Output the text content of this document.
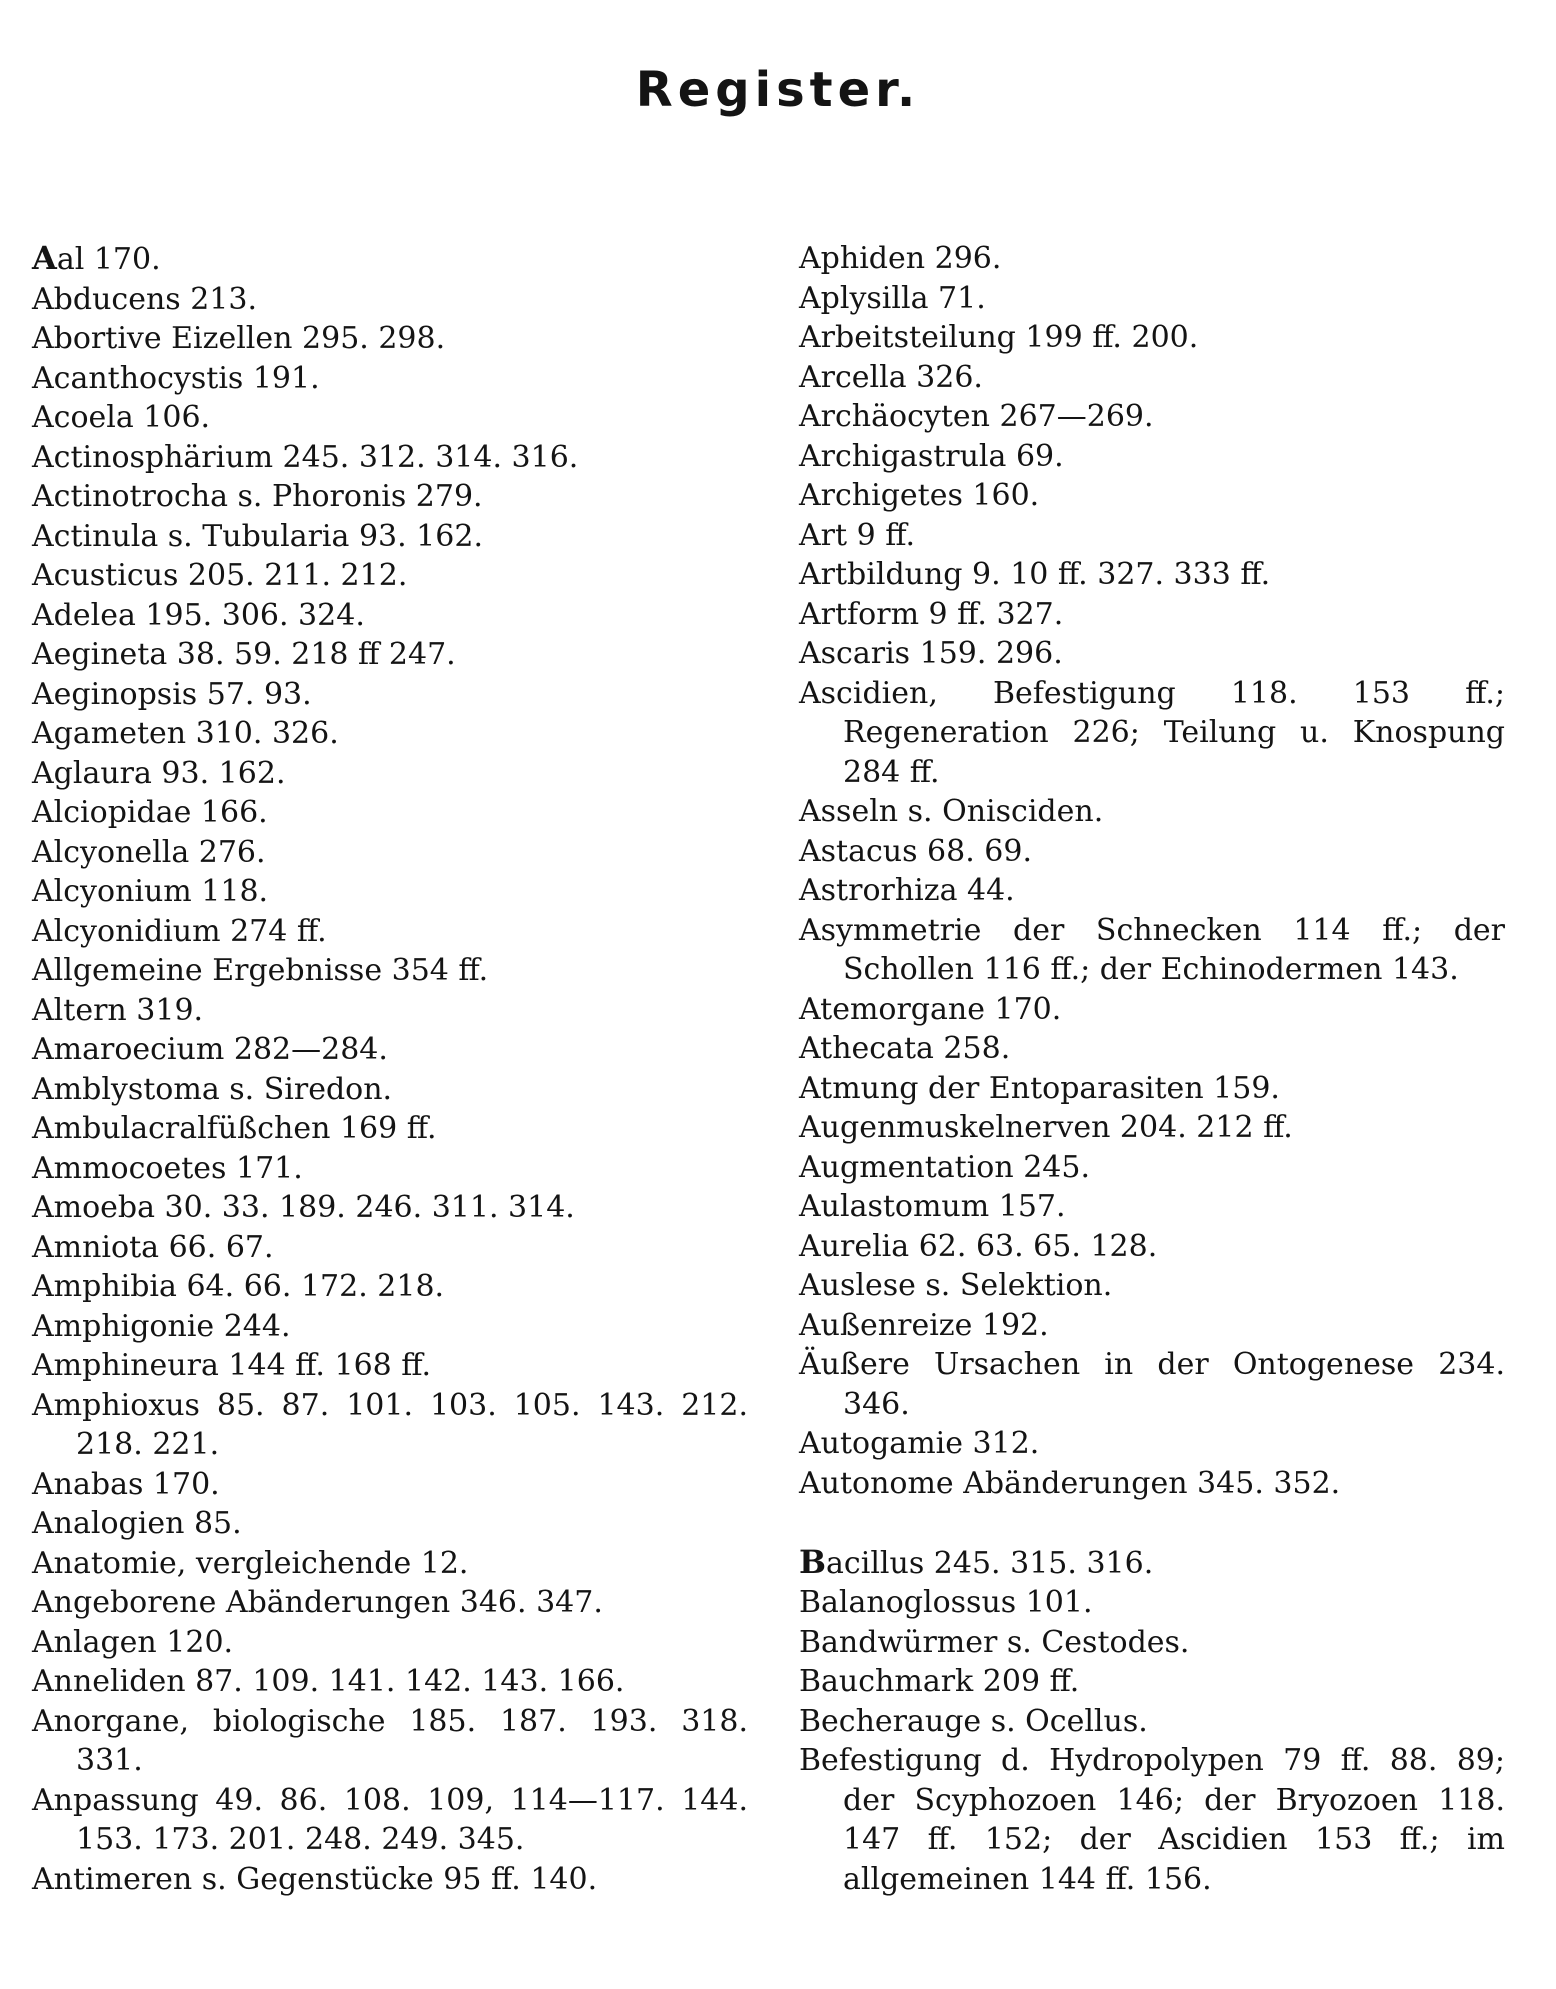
Register.
Aal 170.
Abducens 213.
Abortive Eizellen 295. 298.
Acanthocystis 191.
Acoela 106.
Actinosphärium 245. 312. 314. 316.
Actinotrocha s. Phoronis 279.
Actinula s. Tubularia 93. 162.
Acusticus 205. 211. 212.
Adelea 195. 306. 324.
Aegineta 38. 59. 218 ff 247.
Aeginopsis 57. 93.
Agameten 310. 326.
Aglaura 93. 162.
Alciopidae 166.
Alcyonella 276.
Alcyonium 118.
Alcyonidium 274 ff.
Allgemeine Ergebnisse 354 ff.
Altern 319.
Amaroecium 282—284.
Amblystoma s. Siredon.
Ambulacralfüßchen 169 ff.
Ammocoetes 171.
Amoeba 30. 33. 189. 246. 311. 314.
Amniota 66. 67.
Amphibia 64. 66. 172. 218.
Amphigonie 244.
Amphineura 144 ff. 168 ff.
Amphioxus 85. 87. 101. 103. 105. 143. 212. 218. 221.
Anabas 170.
Analogien 85.
Anatomie, vergleichende 12.
Angeborene Abänderungen 346. 347.
Anlagen 120.
Anneliden 87. 109. 141. 142. 143. 166.
Anorgane, biologische 185. 187. 193. 318. 331.
Anpassung 49. 86. 108. 109, 114—117. 144. 153. 173. 201. 248. 249. 345.
Antimeren s. Gegenstücke 95 ff. 140.
Aphiden 296.
Aplysilla 71.
Arbeitsteilung 199 ff. 200.
Arcella 326.
Archäocyten 267—269.
Archigastrula 69.
Archigetes 160.
Art 9 ff.
Artbildung 9. 10 ff. 327. 333 ff.
Artform 9 ff. 327.
Ascaris 159. 296.
Ascidien, Befestigung 118. 153 ff.; Regeneration 226; Teilung u. Knospung 284 ff.
Asseln s. Onisciden.
Astacus 68. 69.
Astrorhiza 44.
Asymmetrie der Schnecken 114 ff.; der Schollen 116 ff.; der Echinodermen 143.
Atemorgane 170.
Athecata 258.
Atmung der Entoparasiten 159.
Augenmuskelnerven 204. 212 ff.
Augmentation 245.
Aulastomum 157.
Aurelia 62. 63. 65. 128.
Auslese s. Selektion.
Außenreize 192.
Äußere Ursachen in der Ontogenese 234. 346.
Autogamie 312.
Autonome Abänderungen 345. 352.
Bacillus 245. 315. 316.
Balanoglossus 101.
Bandwürmer s. Cestodes.
Bauchmark 209 ff.
Becherauge s. Ocellus.
Befestigung d. Hydropolypen 79 ff. 88. 89; der Scyphozoen 146; der Bryozoen 118. 147 ff. 152; der Ascidien 153 ff.; im allgemeinen 144 ff. 156.
